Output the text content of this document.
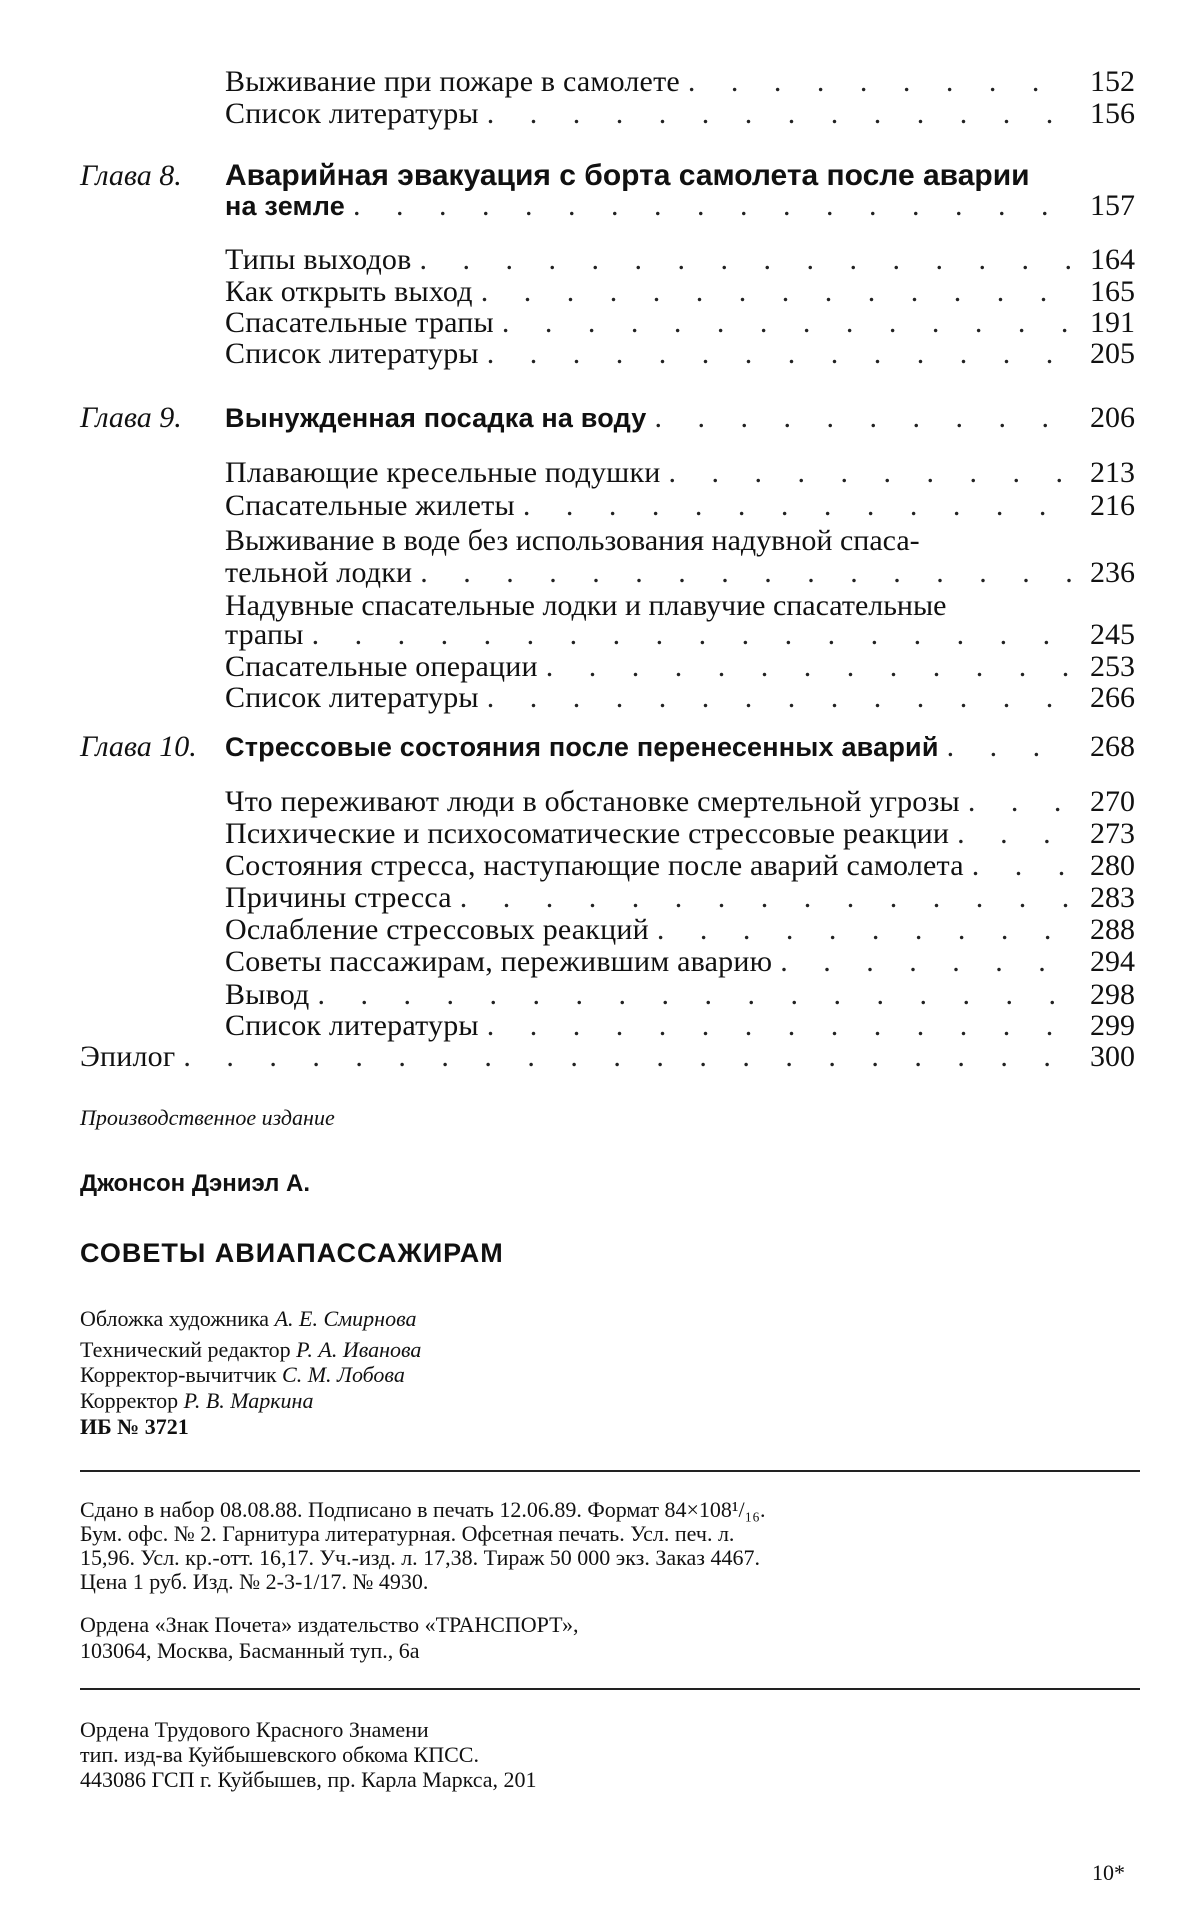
Выживание при пожаре в самолете . . .	152
Список литературы . . .	156
Глава 8. Аварийная эвакуация с борта самолета после аварии
на земле . . .	157
Типы выходов . . .	164
Как открыть выход . . .	165
Спасательные трапы . . .	191
Список литературы . . .	205
Глава 9. Вынужденная посадка на воду . . .	206
Плавающие кресельные подушки . . .	213
Спасательные жилеты . . .	216
Выживание в воде без использования надувной спаса-
тельной лодки . . .	236
Надувные спасательные лодки и плавучие спасательные
трапы . . .	245
Спасательные операции . . .	253
Список литературы . . .	266
Глава 10. Стрессовые состояния после перенесенных аварий . . .	268
Что переживают люди в обстановке смертельной угрозы . . .	270
Психические и психосоматические стрессовые реакции . . .	273
Состояния стресса, наступающие после аварий самолета . . .	280
Причины стресса . . .	283
Ослабление стрессовых реакций . . .	288
Советы пассажирам, пережившим аварию . . .	294
Вывод . . .	298
Список литературы . . .	299
Эпилог . . .	300
Производственное издание
Джонсон Дэниэл А.
СОВЕТЫ АВИАПАССАЖИРАМ
Обложка художника А. Е. Смирнова
Технический редактор Р. А. Иванова
Корректор-вычитчик С. М. Лобова
Корректор Р. В. Маркина
ИБ № 3721
Сдано в набор 08.08.88. Подписано в печать 12.06.89. Формат 84×108¹/₁₆.
Бум. офс. № 2. Гарнитура литературная. Офсетная печать. Усл. печ. л.
15,96. Усл. кр.-отт. 16,17. Уч.-изд. л. 17,38. Тираж 50 000 экз. Заказ 4467.
Цена 1 руб. Изд. № 2-3-1/17. № 4930.
Ордена «Знак Почета» издательство «ТРАНСПОРТ»,
103064, Москва, Басманный туп., 6а
Ордена Трудового Красного Знамени
тип. изд-ва Куйбышевского обкома КПСС.
443086 ГСП г. Куйбышев, пр. Карла Маркса, 201
10*
